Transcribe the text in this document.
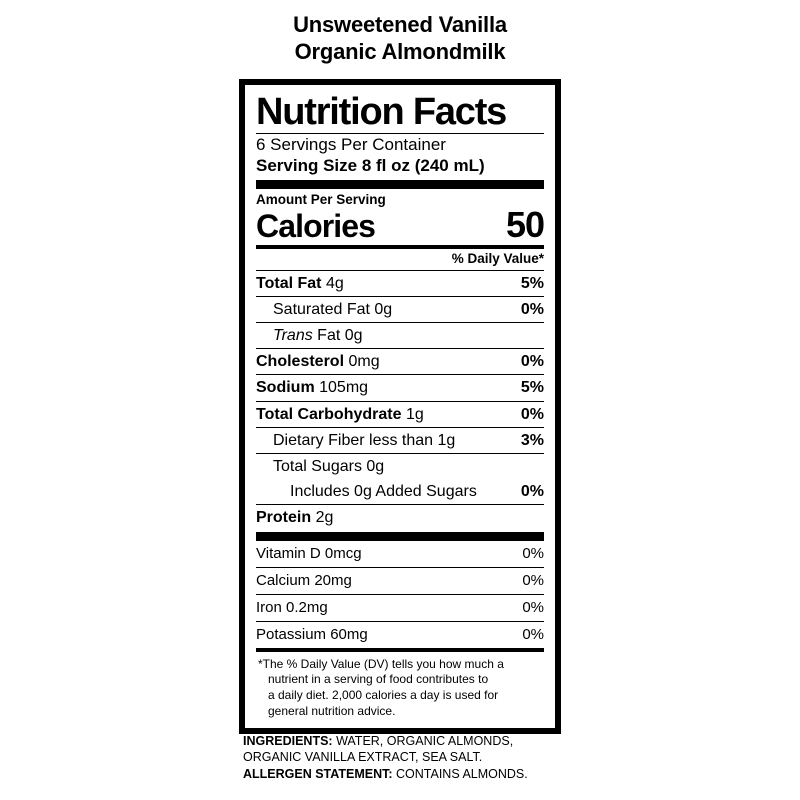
Unsweetened Vanilla
Organic Almondmilk
Nutrition Facts
6 Servings Per Container
Serving Size 8 fl oz (240 mL)
Amount Per Serving
Calories	50
% Daily Value*
Total Fat 4g	5%
Saturated Fat 0g	0%
Trans Fat 0g
Cholesterol 0mg	0%
Sodium 105mg	5%
Total Carbohydrate 1g	0%
Dietary Fiber less than 1g	3%
Total Sugars 0g
Includes 0g Added Sugars	0%
Protein 2g
Vitamin D 0mcg	0%
Calcium 20mg	0%
Iron 0.2mg	0%
Potassium 60mg	0%
*The % Daily Value (DV) tells you how much a
nutrient in a serving of food contributes to
a daily diet. 2,000 calories a day is used for
general nutrition advice.
INGREDIENTS: WATER, ORGANIC ALMONDS, ORGANIC VANILLA EXTRACT, SEA SALT.
ALLERGEN STATEMENT: CONTAINS ALMONDS.
